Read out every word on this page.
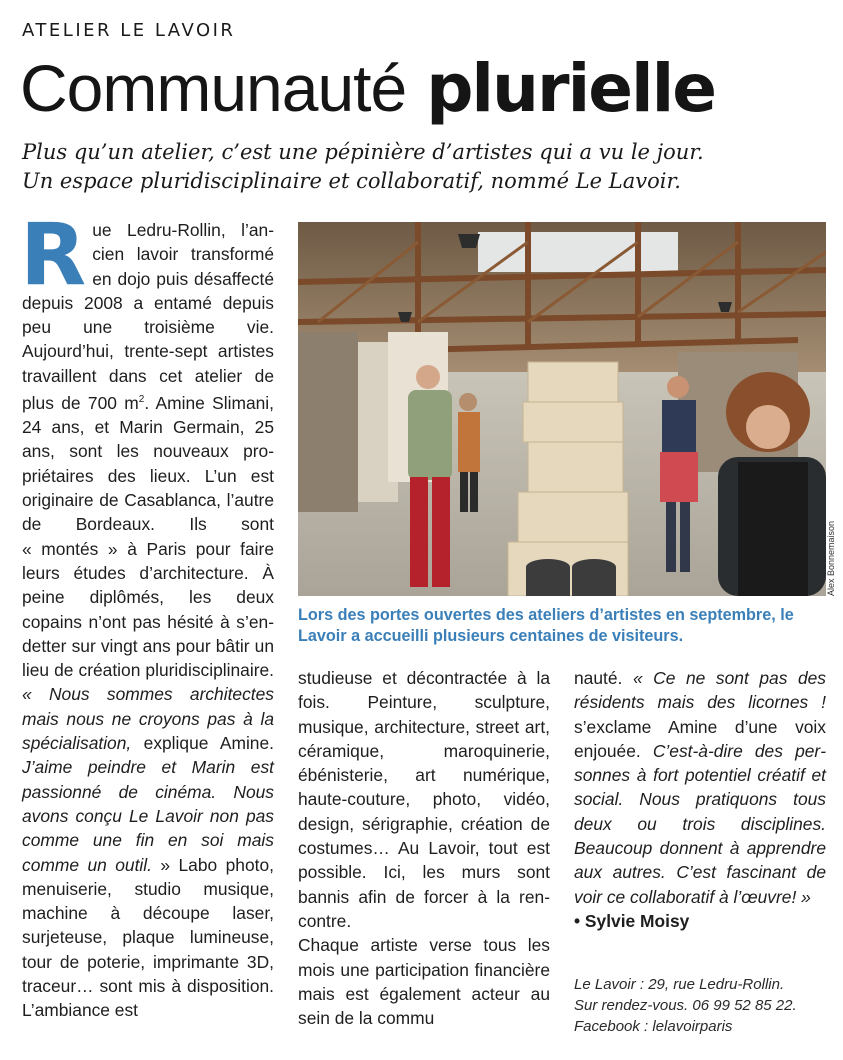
ATELIER LE LAVOIR
Communauté plurielle
Plus qu’un atelier, c’est une pépinière d’artistes qui a vu le jour.
Un espace pluridisciplinaire et collaboratif, nommé Le Lavoir.

Rue Ledru-Rollin, l’ancien lavoir transformé en dojo puis désaffecté depuis 2008 a entamé depuis peu une troisième vie. Aujourd’hui, trente-sept artistes travaillent dans cet atelier de plus de 700 $m^2$. Amine Slimani, 24 ans, et Marin Germain, 25 ans, sont les nouveaux propriétaires des lieux. L’un est originaire de Casablanca, l’autre de Bordeaux. Ils sont « montés » à Paris pour faire leurs études d’architecture. À peine diplômés, les deux copains n’ont pas hésité à s’endetter sur vingt ans pour bâtir un lieu de création pluridisciplinaire. « Nous sommes architectes mais nous ne croyons pas à la spécialisation, explique Amine. J’aime peindre et Marin est passionné de cinéma. Nous avons conçu Le Lavoir non pas comme une fin en soi mais comme un outil. » Labo photo, menuiserie, studio musique, machine à découpe laser, surjeteuse, plaque lumineuse, tour de poterie, imprimante 3D, traceur… sont mis à disposition. L’ambiance est

Alex Bonnemaison
Lors des portes ouvertes des ateliers d’artistes en septembre, le Lavoir a accueilli plusieurs centaines de visiteurs.

studieuse et décontractée à la fois. Peinture, sculpture, musique, architecture, street art, céramique, maroquinerie, ébénisterie, art numérique, haute-couture, photo, vidéo, design, sérigraphie, création de costumes… Au Lavoir, tout est possible. Ici, les murs sont bannis afin de forcer à la rencontre.

Chaque artiste verse tous les mois une participation financière mais est également acteur au sein de la commu

nauté. « Ce ne sont pas des résidents mais des licornes ! s’exclame Amine d’une voix enjouée. C’est-à-dire des personnes à fort potentiel créatif et social. Nous pratiquons tous deux ou trois disciplines. Beaucoup donnent à apprendre aux autres. C’est fascinant de voir ce collaboratif à l’œuvre! »

• Sylvie Moisy

Le Lavoir : 29, rue Ledru-Rollin.
Sur rendez-vous. 06 99 52 85 22.
Facebook : lelavoirparis
